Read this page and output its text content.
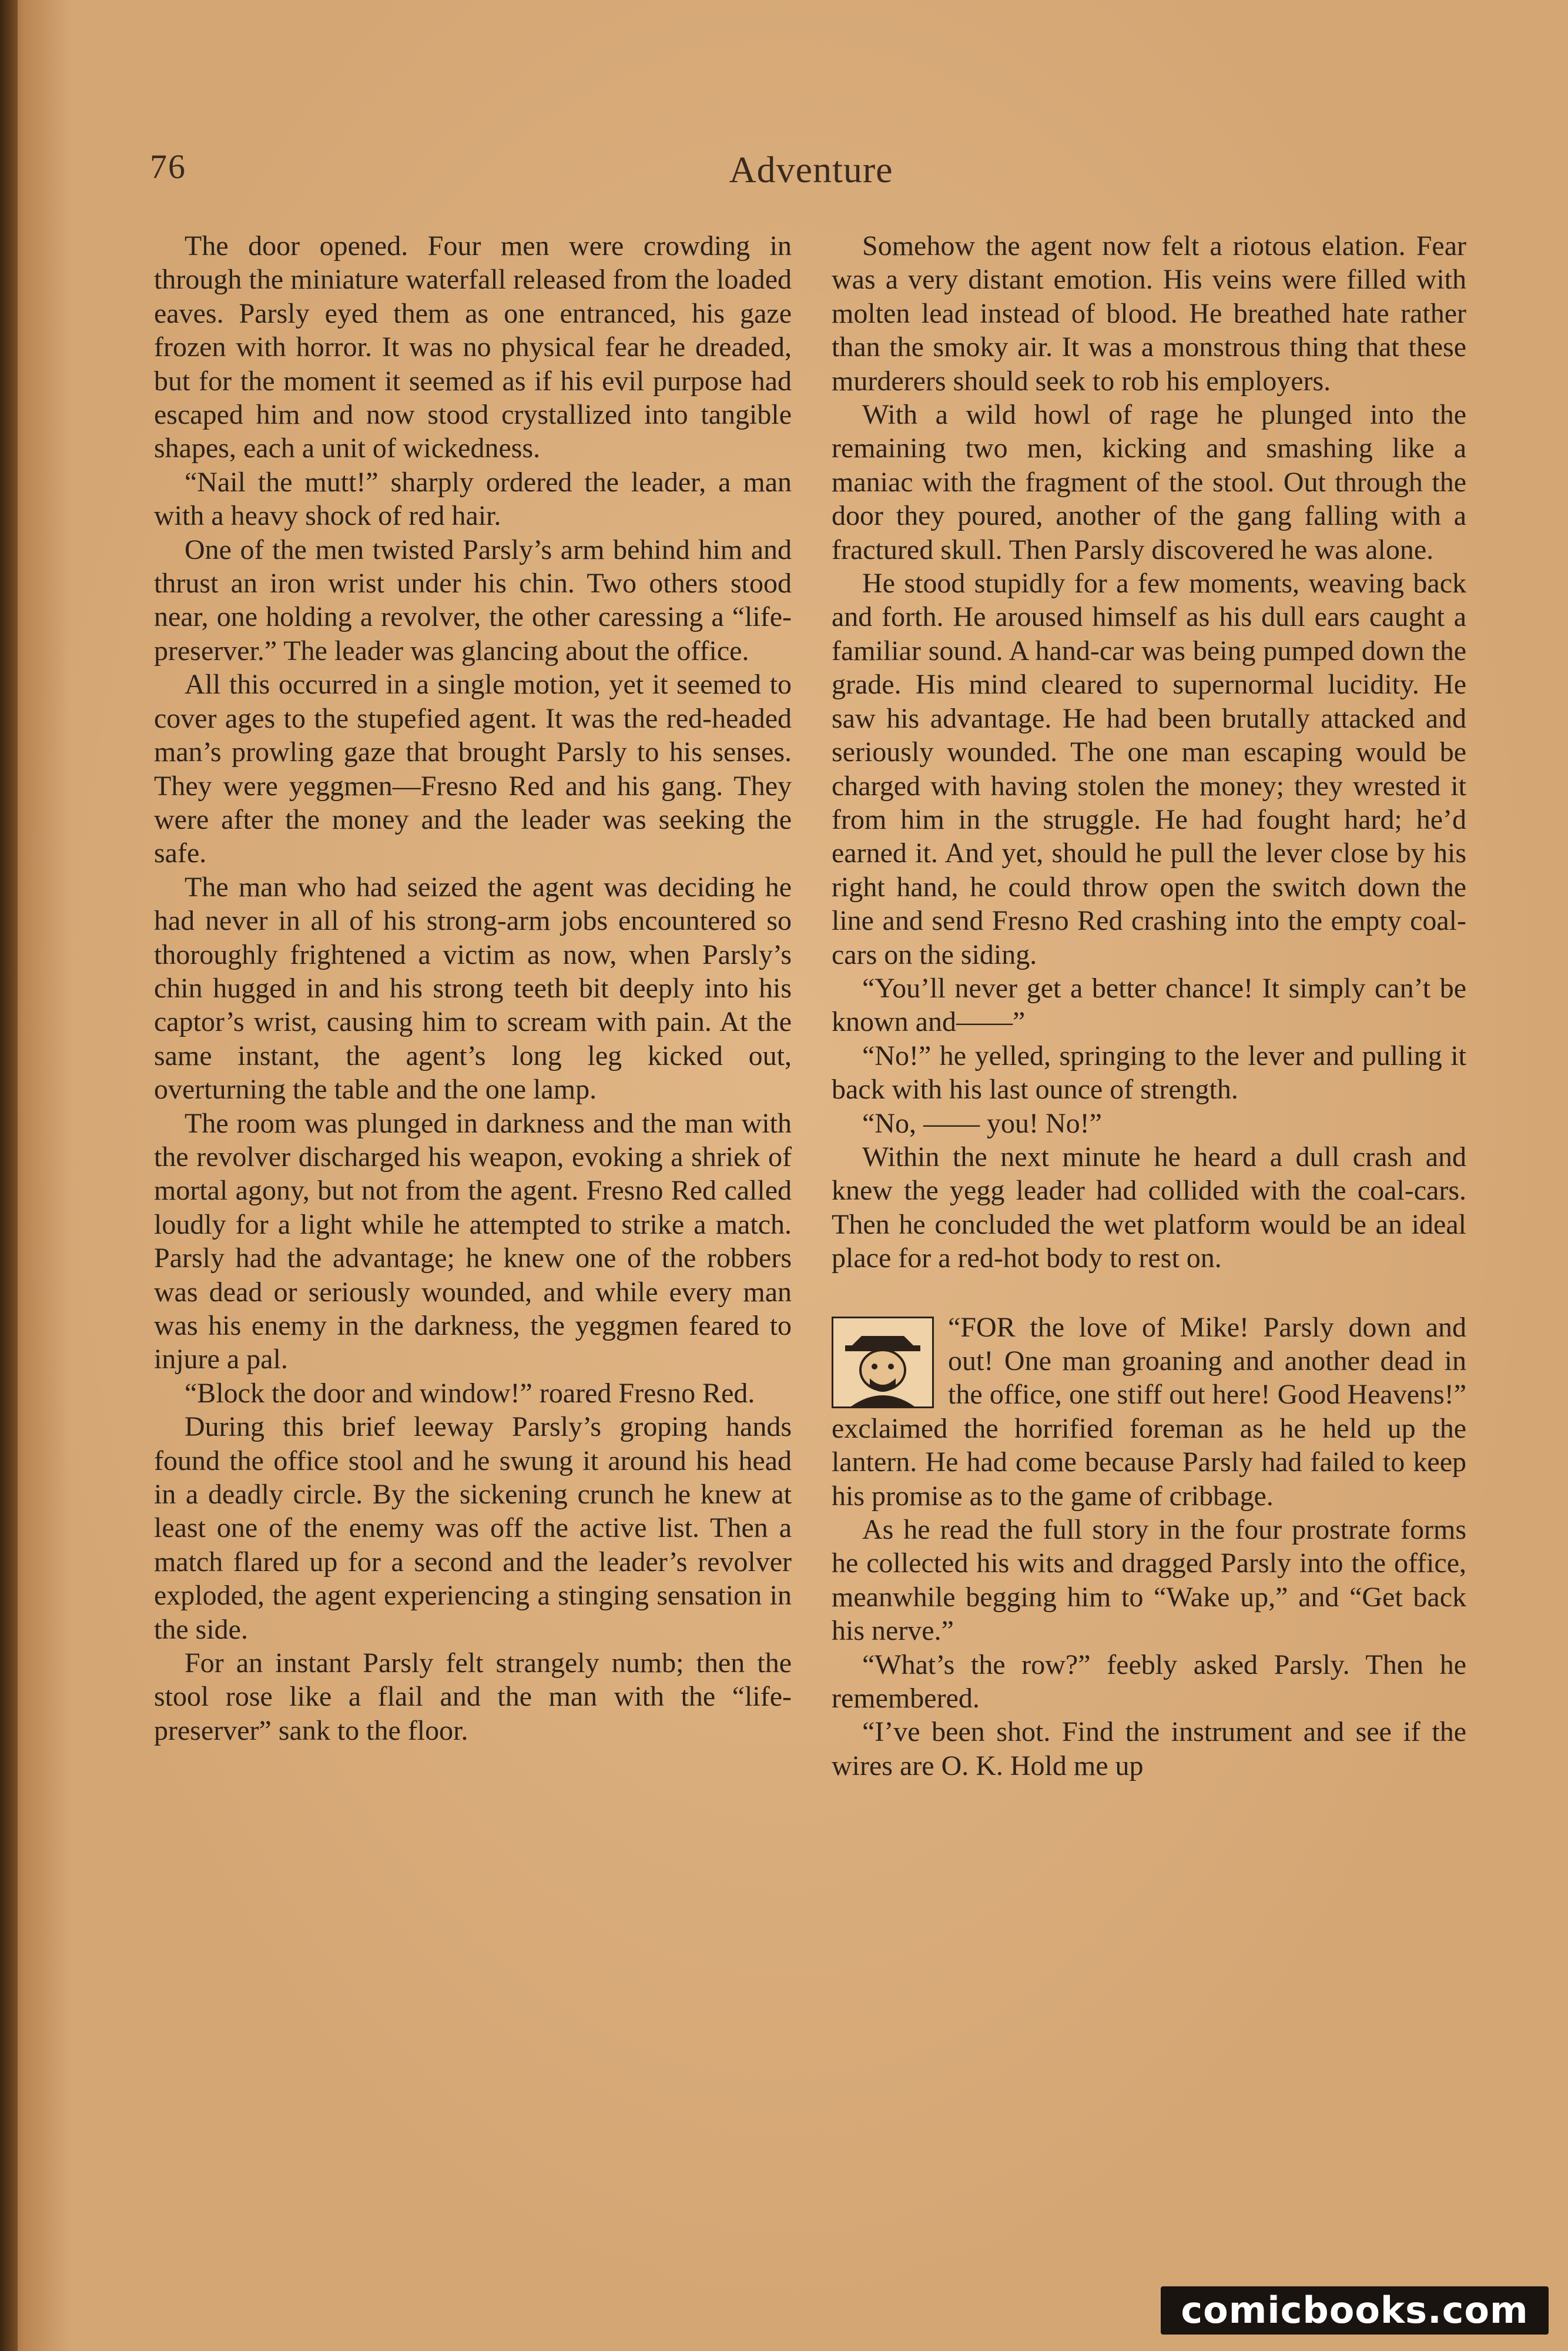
76	Adventure

The door opened. Four men were crowding in through the miniature waterfall released from the loaded eaves. Parsly eyed them as one entranced, his gaze frozen with horror. It was no physical fear he dreaded, but for the moment it seemed as if his evil purpose had escaped him and now stood crystallized into tangible shapes, each a unit of wickedness.

“Nail the mutt!” sharply ordered the leader, a man with a heavy shock of red hair.

One of the men twisted Parsly’s arm behind him and thrust an iron wrist under his chin. Two others stood near, one holding a revolver, the other caressing a “life-preserver.” The leader was glancing about the office.

All this occurred in a single motion, yet it seemed to cover ages to the stupefied agent. It was the red-headed man’s prowling gaze that brought Parsly to his senses. They were yeggmen—Fresno Red and his gang. They were after the money and the leader was seeking the safe.

The man who had seized the agent was deciding he had never in all of his strong-arm jobs encountered so thoroughly frightened a victim as now, when Parsly’s chin hugged in and his strong teeth bit deeply into his captor’s wrist, causing him to scream with pain. At the same instant, the agent’s long leg kicked out, overturning the table and the one lamp.

The room was plunged in darkness and the man with the revolver discharged his weapon, evoking a shriek of mortal agony, but not from the agent. Fresno Red called loudly for a light while he attempted to strike a match. Parsly had the advantage; he knew one of the robbers was dead or seriously wounded, and while every man was his enemy in the darkness, the yeggmen feared to injure a pal.

“Block the door and window!” roared Fresno Red.

During this brief leeway Parsly’s groping hands found the office stool and he swung it around his head in a deadly circle. By the sickening crunch he knew at least one of the enemy was off the active list. Then a match flared up for a second and the leader’s revolver exploded, the agent experiencing a stinging sensation in the side.

For an instant Parsly felt strangely numb; then the stool rose like a flail and the man with the “life-preserver” sank to the floor.

Somehow the agent now felt a riotous elation. Fear was a very distant emotion. His veins were filled with molten lead instead of blood. He breathed hate rather than the smoky air. It was a monstrous thing that these murderers should seek to rob his employers.

With a wild howl of rage he plunged into the remaining two men, kicking and smashing like a maniac with the fragment of the stool. Out through the door they poured, another of the gang falling with a fractured skull. Then Parsly discovered he was alone.

He stood stupidly for a few moments, weaving back and forth. He aroused himself as his dull ears caught a familiar sound. A hand-car was being pumped down the grade. His mind cleared to supernormal lucidity. He saw his advantage. He had been brutally attacked and seriously wounded. The one man escaping would be charged with having stolen the money; they wrested it from him in the struggle. He had fought hard; he’d earned it. And yet, should he pull the lever close by his right hand, he could throw open the switch down the line and send Fresno Red crashing into the empty coal-cars on the siding.

“You’ll never get a better chance! It simply can’t be known and——”

“No!” he yelled, springing to the lever and pulling it back with his last ounce of strength.

“No, —— you! No!”

Within the next minute he heard a dull crash and knew the yegg leader had collided with the coal-cars. Then he concluded the wet platform would be an ideal place for a red-hot body to rest on.

“FOR the love of Mike! Parsly down and out! One man groaning and another dead in the office, one stiff out here! Good Heavens!” exclaimed the horrified foreman as he held up the lantern. He had come because Parsly had failed to keep his promise as to the game of cribbage.

As he read the full story in the four prostrate forms he collected his wits and dragged Parsly into the office, meanwhile begging him to “Wake up,” and “Get back his nerve.”

“What’s the row?” feebly asked Parsly. Then he remembered.

“I’ve been shot. Find the instrument and see if the wires are O. K. Hold me up

comicbooks.com
